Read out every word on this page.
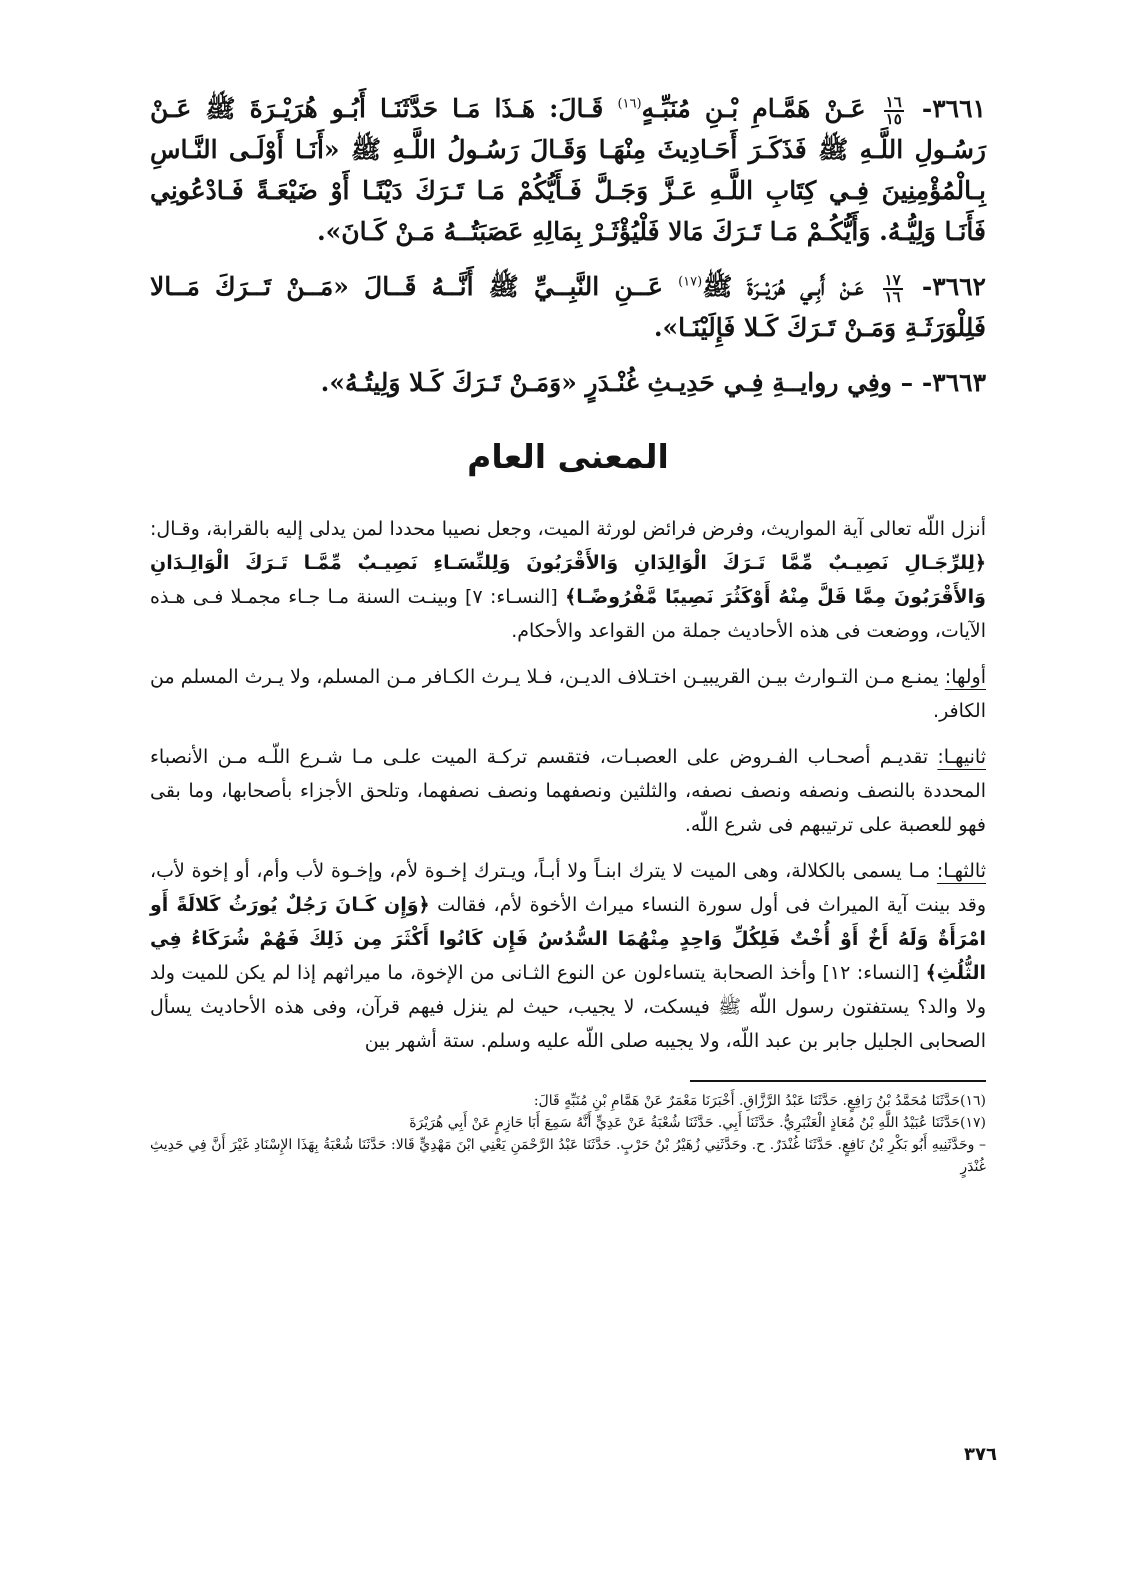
٣٦٦١-
$\frac{١٦}{١٥}$
عَـنْ هَمَّـامِ بْـنِ مُنَبِّـهٍ$^{(١٦)}$ قَـالَ: هَـذَا مَـا حَدَّثَنَـا أَبُـو هُرَيْـرَةَ ﷺ عَـنْ رَسُـولِ اللَّـهِ ﷺ فَذَكَـرَ أَحَـادِيثَ مِنْهَـا وَقَـالَ رَسُـولُ اللَّـهِ ﷺ «أَنَـا أَوْلَـى النَّـاسِ بِـالْمُؤْمِنِينَ فِـي كِتَابِ اللَّـهِ عَـزَّ وَجَـلَّ فَـأَيُّكُمْ مَـا تَـرَكَ دَيْنًـا أَوْ ضَيْعَـةً فَـادْعُونِي فَأَنَـا وَلِيُّـهُ. وَأَيُّكُـمْ مَـا تَـرَكَ مَالا فَلْيُؤْثَـرْ بِمَالِهِ عَصَبَتُــهُ مَـنْ كَـانَ».

٣٦٦٢-
$\frac{١٧}{١٦}$
عَـنْ أَبِـي هُرَيْــرَةَ ﷺ$^{(١٧)}$ عَــنِ النَّبِــيِّ ﷺ أَنَّــهُ قَــالَ «مَــنْ تَــرَكَ مَــالا فَلِلْوَرَثَـةِ وَمَـنْ تَـرَكَ كَـلا فَإِلَيْنَـا».

٣٦٦٣- – وفِي روايــةِ فِـي حَدِيـثِ غُنْـدَرٍ «وَمَـنْ تَـرَكَ كَـلا وَلِيتُـهُ».

المعنى العام

أنزل اللّه تعالى آية المواريث، وفرض فرائض لورثة الميت، وجعل نصيبا محددا لمن يدلى إليه بالقرابة، وقـال: ﴿لِلرِّجَـالِ نَصِيـبٌ مِّمَّا تَـرَكَ الْوَالِدَانِ وَالأَقْرَبُونَ وَلِلنِّسَـاءِ نَصِيـبٌ مِّمَّـا تَـرَكَ الْوَالِـدَانِ وَالأَقْرَبُونَ مِمَّا قَلَّ مِنْهُ أَوْكَثُرَ نَصِيبًا مَّفْرُوضًـا﴾ [النسـاء: ٧] وبينـت السنة مـا جـاء مجمـلا فـى هـذه الآيات، ووضعت فى هذه الأحاديث جملة من القواعد والأحكام.

أولها: يمنـع مـن التـوارث بيـن القريبيـن اختـلاف الديـن، فـلا يـرث الكـافر مـن المسلم، ولا يـرث المسلم من الكافر.

ثانيهـا: تقديـم أصحـاب الفـروض على العصبـات، فتقسم تركـة الميت علـى مـا شـرع اللّـه مـن الأنصباء المحددة بالنصف ونصفه ونصف نصفه، والثلثين ونصفهما ونصف نصفهما، وتلحق الأجزاء بأصحابها، وما بقى فهو للعصبة على ترتيبهم فى شرع اللّه.

ثالثهـا: مـا يسمى بالكلالة، وهى الميت لا يترك ابنـاً ولا أبـاً، ويـترك إخـوة لأم، وإخـوة لأب وأم، أو إخوة لأب، وقد بينت آية الميراث فى أول سورة النساء ميراث الأخوة لأم، فقالت ﴿وَإِن كَـانَ رَجُلٌ يُورَثُ كَلالَةً أَو امْرَأَةٌ وَلَهُ أَخٌ أَوْ أُخْتٌ فَلِكُلِّ وَاحِدٍ مِنْهُمَا السُّدُسُ فَإِن كَانُوا أَكْثَرَ مِن ذَلِكَ فَهُمْ شُرَكَاءُ فِي الثُّلُثِ﴾ [النساء: ١٢] وأخذ الصحابة يتساءلون عن النوع الثـانى من الإخوة، ما ميراثهم إذا لم يكن للميت ولد ولا والد؟ يستفتون رسول اللّه ﷺ فيسكت، لا يجيب، حيث لم ينزل فيهم قرآن، وفى هذه الأحاديث يسأل الصحابى الجليل جابر بن عبد اللّه، ولا يجيبه صلى اللّه عليه وسلم. ستة أشهر بين

(١٦)حَدَّثَنَا مُحَمَّدُ بْنُ رَافِعٍ. حَدَّثَنَا عَبْدُ الرَّزَّاقِ. أَخْبَرَنَا مَعْمَرٌ عَنْ هَمَّامِ بْنِ مُنَبِّهٍ قَالَ:

(١٧)حَدَّثَنَا عُبَيْدُ اللَّهِ بْنُ مُعَاذٍ الْعَنْبَرِيُّ. حَدَّثَنَا أَبِي. حَدَّثَنَا شُعْبَةُ عَنْ عَدِيٍّ أَنَّهُ سَمِعَ أَبَا حَازِمٍ عَنْ أَبِي هُرَيْرَةَ

– وحَدَّثَنِيهِ أَبُو بَكْرِ بْنُ نَافِعٍ. حَدَّثَنَا غُنْدَرٌ. ح. وحَدَّثَنِي زُهَيْرُ بْنُ حَرْبٍ. حَدَّثَنَا عَبْدُ الرَّحْمَنِ يَعْنِي ابْنَ مَهْدِيٍّ قَالا: حَدَّثَنَا شُعْبَةُ بِهَذَا الإِسْنَادِ غَيْرَ أَنَّ فِي حَدِيثِ غُنْدَرٍ

٣٧٦
